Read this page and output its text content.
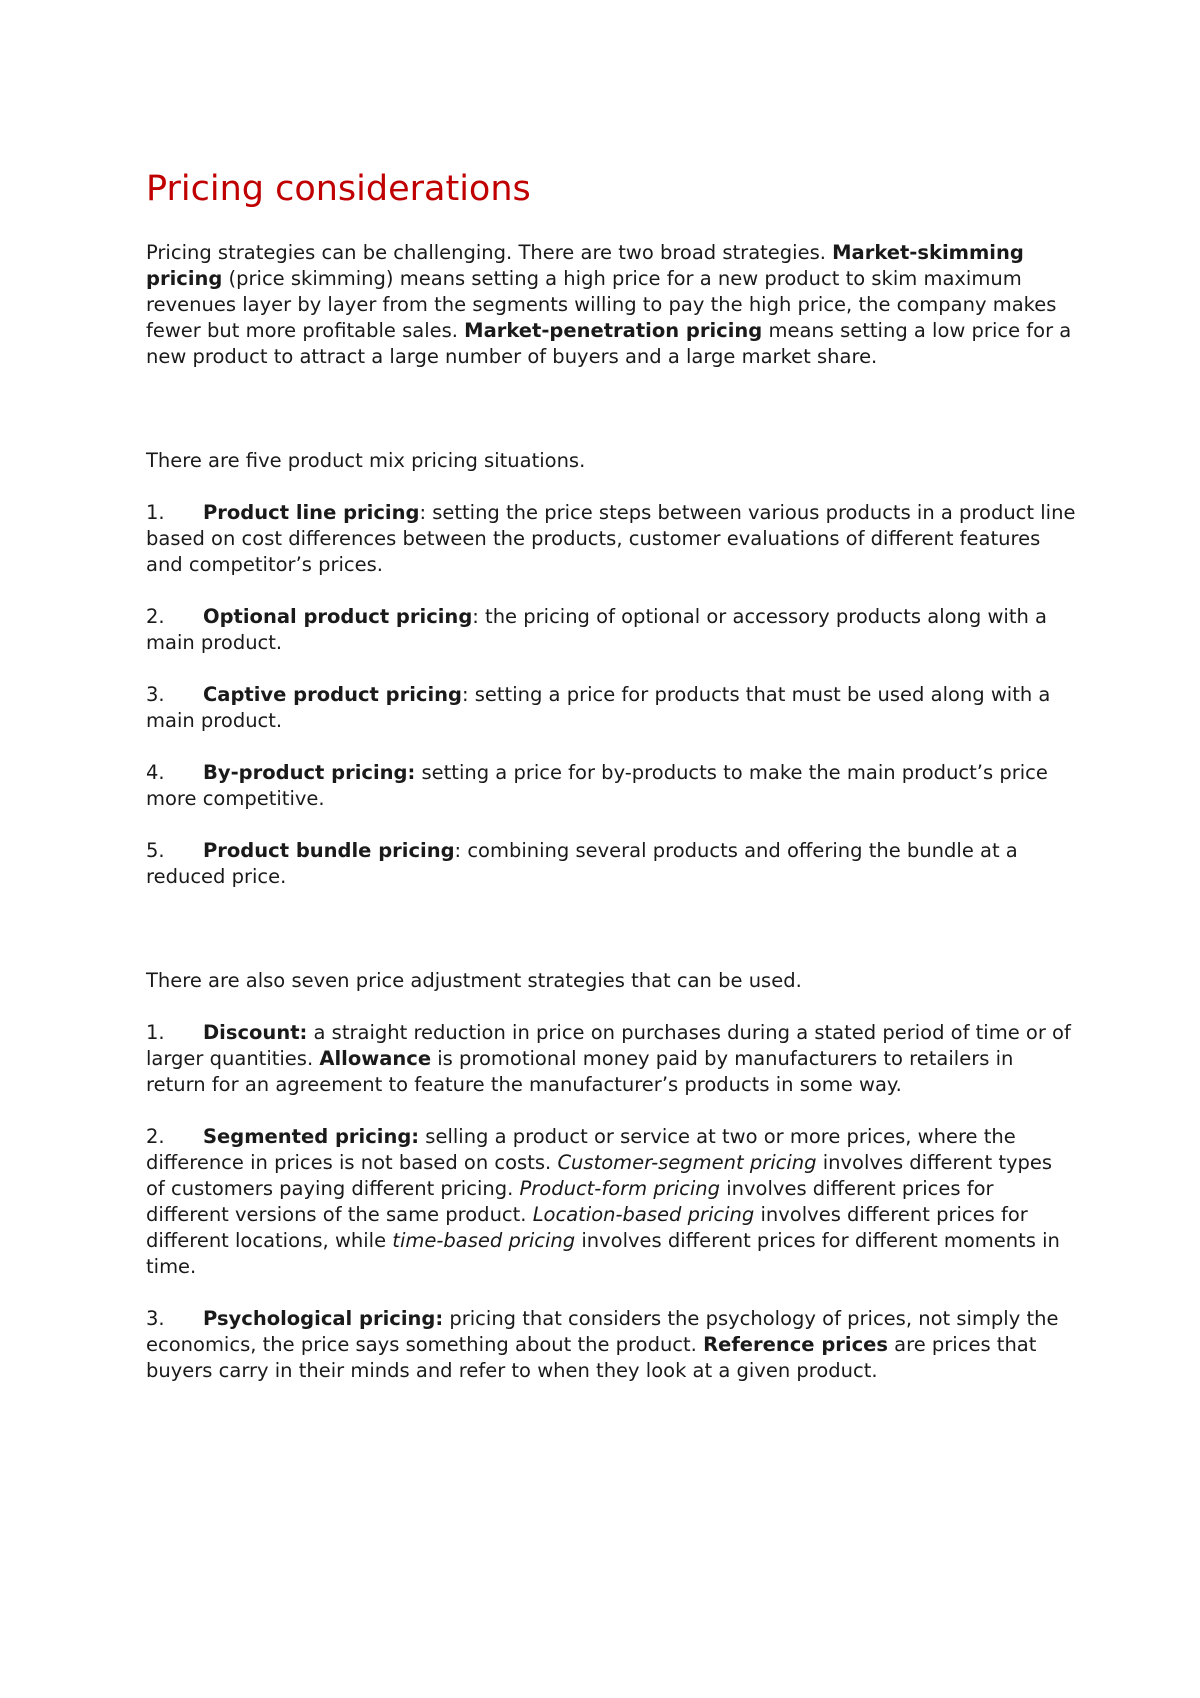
Pricing considerations

Pricing strategies can be challenging. There are two broad strategies. Market-skimming pricing (price skimming) means setting a high price for a new product to skim maximum revenues layer by layer from the segments willing to pay the high price, the company makes fewer but more profitable sales. Market-penetration pricing means setting a low price for a new product to attract a large number of buyers and a large market share.

There are five product mix pricing situations.

1. Product line pricing: setting the price steps between various products in a product line based on cost differences between the products, customer evaluations of different features and competitor’s prices.

2. Optional product pricing: the pricing of optional or accessory products along with a main product.

3. Captive product pricing: setting a price for products that must be used along with a main product.

4. By-product pricing: setting a price for by-products to make the main product’s price more competitive.

5. Product bundle pricing: combining several products and offering the bundle at a reduced price.

There are also seven price adjustment strategies that can be used.

1. Discount: a straight reduction in price on purchases during a stated period of time or of larger quantities. Allowance is promotional money paid by manufacturers to retailers in return for an agreement to feature the manufacturer’s products in some way.

2. Segmented pricing: selling a product or service at two or more prices, where the difference in prices is not based on costs. Customer-segment pricing involves different types of customers paying different pricing. Product-form pricing involves different prices for different versions of the same product. Location-based pricing involves different prices for different locations, while time-based pricing involves different prices for different moments in time.

3. Psychological pricing: pricing that considers the psychology of prices, not simply the economics, the price says something about the product. Reference prices are prices that buyers carry in their minds and refer to when they look at a given product.
